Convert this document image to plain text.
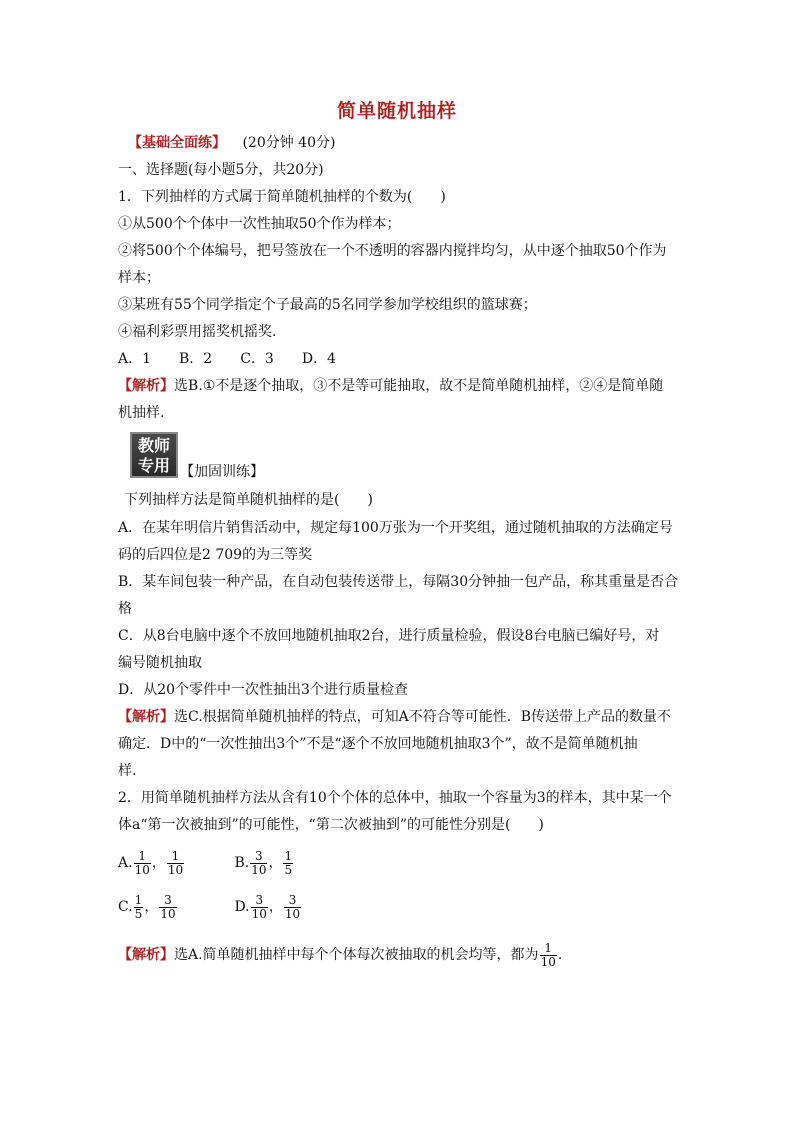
简单随机抽样
【基础全面练】 (20分钟 40分)
一、选择题(每小题5分，共20分)
1．下列抽样的方式属于简单随机抽样的个数为(　　)
①从500个个体中一次性抽取50个作为样本；
②将500个个体编号，把号签放在一个不透明的容器内搅拌均匀，从中逐个抽取50个作为
样本；
③某班有55个同学指定个子最高的5名同学参加学校组织的篮球赛；
④福利彩票用摇奖机摇奖.
A．1　　B．2　　C．3　　D．4
【解析】选B.①不是逐个抽取，③不是等可能抽取，故不是简单随机抽样，②④是简单随
机抽样.
教师
专用 【加固训练】
下列抽样方法是简单随机抽样的是(　　)
A．在某年明信片销售活动中，规定每100万张为一个开奖组，通过随机抽取的方法确定号
码的后四位是2 709的为三等奖
B．某车间包装一种产品，在自动包装传送带上，每隔30分钟抽一包产品，称其重量是否合
格
C．从8台电脑中逐个不放回地随机抽取2台，进行质量检验，假设8台电脑已编好号，对
编号随机抽取
D．从20个零件中一次性抽出3个进行质量检查
【解析】选C.根据简单随机抽样的特点，可知A不符合等可能性．B传送带上产品的数量不
确定．D中的“一次性抽出3个”不是“逐个不放回地随机抽取3个”，故不是简单随机抽
样.
2．用简单随机抽样方法从含有10个个体的总体中，抽取一个容量为3的样本，其中某一个
体a“第一次被抽到”的可能性，“第二次被抽到”的可能性分别是(　　)
A. $\frac{1}{10}$ ， $\frac{1}{10}$	B. $\frac{3}{10}$ ， $\frac{1}{5}$
C. $\frac{1}{5}$ ， $\frac{3}{10}$	D. $\frac{3}{10}$ ， $\frac{3}{10}$
【解析】选A.简单随机抽样中每个个体每次被抽取的机会均等，都为 $\frac{1}{10}$ .
